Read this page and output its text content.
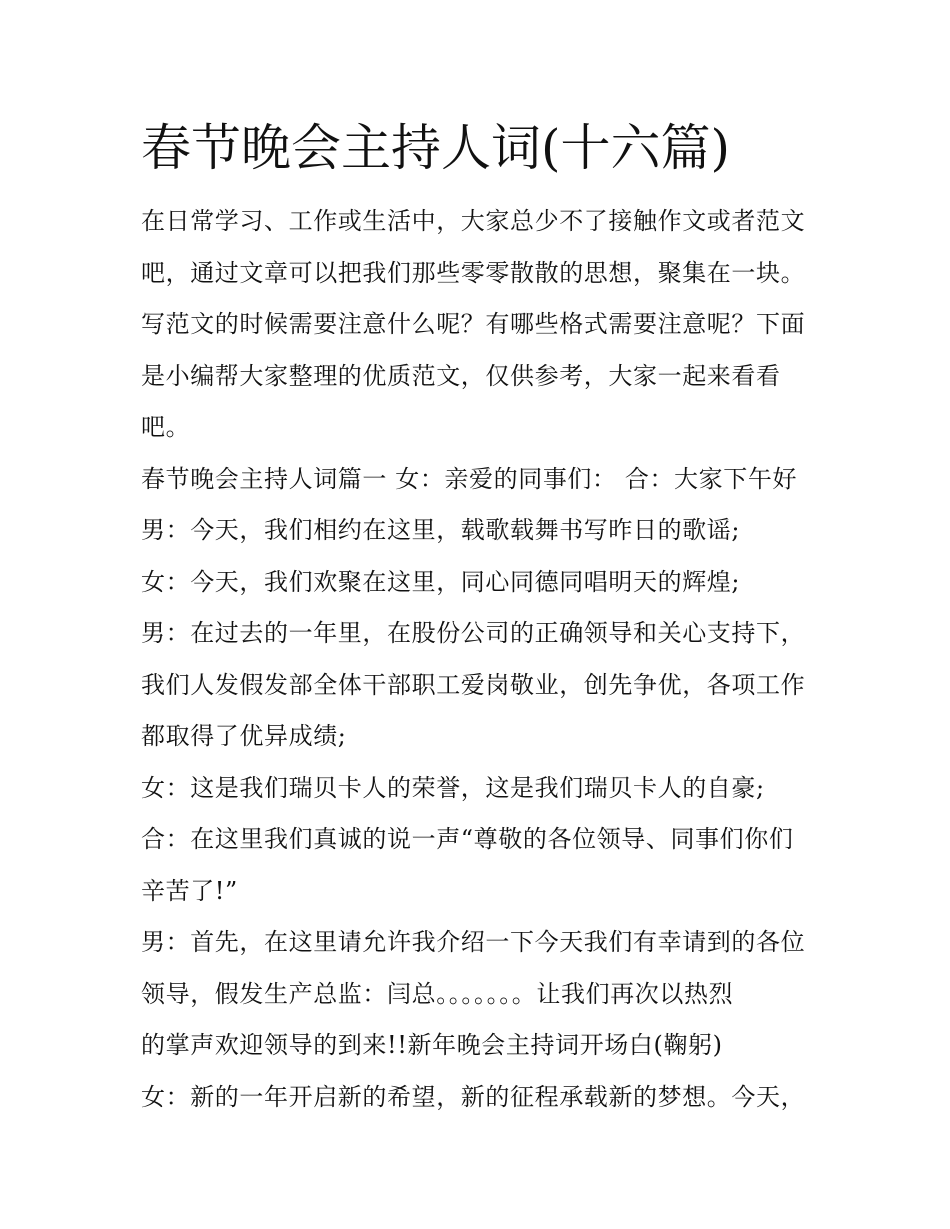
春节晚会主持人词(十六篇)
在日常学习、工作或生活中，大家总少不了接触作文或者范文
吧，通过文章可以把我们那些零零散散的思想，聚集在一块。
写范文的时候需要注意什么呢？有哪些格式需要注意呢？下面
是小编帮大家整理的优质范文，仅供参考，大家一起来看看
吧。
春节晚会主持人词篇一 女：亲爱的同事们： 合：大家下午好
男：今天，我们相约在这里，载歌载舞书写昨日的歌谣;
女：今天，我们欢聚在这里，同心同德同唱明天的辉煌;
男：在过去的一年里，在股份公司的正确领导和关心支持下，
我们人发假发部全体干部职工爱岗敬业，创先争优，各项工作
都取得了优异成绩;
女：这是我们瑞贝卡人的荣誉，这是我们瑞贝卡人的自豪;
合：在这里我们真诚的说一声“尊敬的各位领导、同事们你们
辛苦了!”
男：首先，在这里请允许我介绍一下今天我们有幸请到的各位
领导，假发生产总监：闫总。。。。。。。让我们再次以热烈
的掌声欢迎领导的到来!!新年晚会主持词开场白(鞠躬)
女：新的一年开启新的希望，新的征程承载新的梦想。今天，
